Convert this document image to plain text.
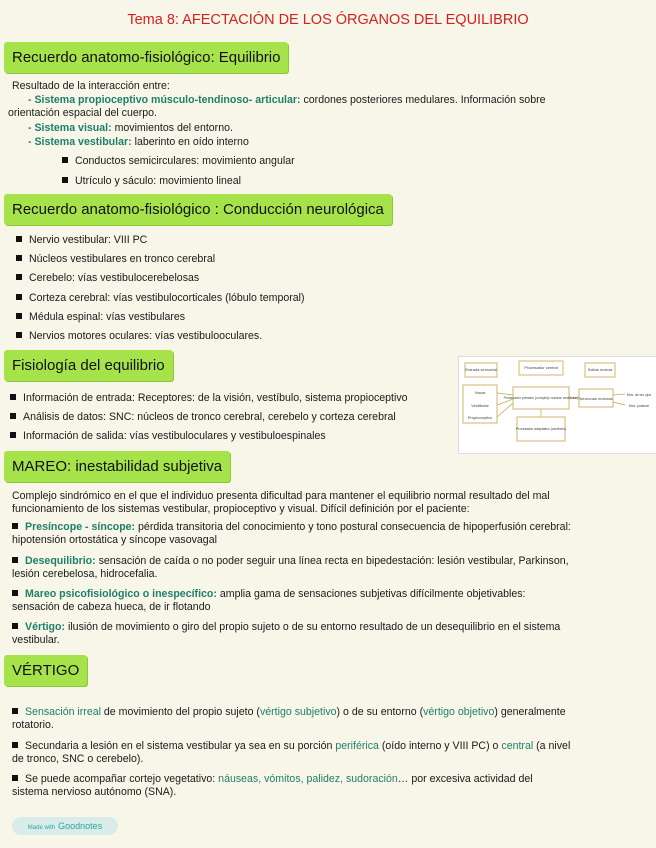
Tema 8: AFECTACIÓN DE LOS ÓRGANOS DEL EQUILIBRIO
Recuerdo anatomo-fisiológico: Equilibrio
Resultado de la interacción entre:
- Sistema propioceptivo músculo-tendinoso- articular: cordones posteriores medulares. Información sobre
orientación espacial del cuerpo.
- Sistema visual: movimientos del entorno.
- Sistema vestibular: laberinto en oído interno
Conductos semicirculares: movimiento angular
Utrículo y sáculo: movimiento lineal
Recuerdo anatomo-fisiológico : Conducción neurológica
Nervio vestibular: VIII PC
Núcleos vestibulares en tronco cerebral
Cerebelo: vías vestibulocerebelosas
Corteza cerebral: vías vestibulocorticales (lóbulo temporal)
Médula espinal: vías vestibulares
Nervios motores oculares: vías vestibulooculares.
Fisiología del equilibrio
Información de entrada: Receptores: de la visión, vestíbulo, sistema propioceptivo
Análisis de datos: SNC: núcleos de tronco cerebral, cerebelo y corteza cerebral
Información de salida: vías vestibuloculares y vestibuloespinales
Entrada sensorial	Procesador central	Salida motora
Visual
Vestibular
Propioceptivo
Procesador primario (complejo nuclear vestibular)
Procesador adaptativo (cerebelo)
Neuronas motoras
Mov. de los ojos
Mov. postural
MAREO: inestabilidad subjetiva
Complejo sindrómico en el que el individuo presenta dificultad para mantener el equilibrio normal resultado del mal
funcionamiento de los sistemas vestibular, propioceptivo y visual. Difícil definición por el paciente:
Presíncope - síncope: pérdida transitoria del conocimiento y tono postural consecuencia de hipoperfusión cerebral:
hipotensión ortostática y síncope vasovagal
Desequilibrio: sensación de caída o no poder seguir una línea recta en bipedestación: lesión vestibular, Parkinson,
lesión cerebelosa, hidrocefalia.
Mareo psicofisiológico o inespecífico: amplia gama de sensaciones subjetivas difícilmente objetivables:
sensación de cabeza hueca, de ir flotando
Vértigo: ilusión de movimiento o giro del propio sujeto o de su entorno resultado de un desequilibrio en el sistema
vestibular.
VÉRTIGO
Sensación irreal de movimiento del propio sujeto (vértigo subjetivo) o de su entorno (vértigo objetivo) generalmente
rotatorio.
Secundaria a lesión en el sistema vestibular ya sea en su porción periférica (oído interno y VIII PC) o central (a nivel
de tronco, SNC o cerebelo).
Se puede acompañar cortejo vegetativo: náuseas, vómitos, palidez, sudoración… por excesiva actividad del
sistema nervioso autónomo (SNA).
Made with Goodnotes
